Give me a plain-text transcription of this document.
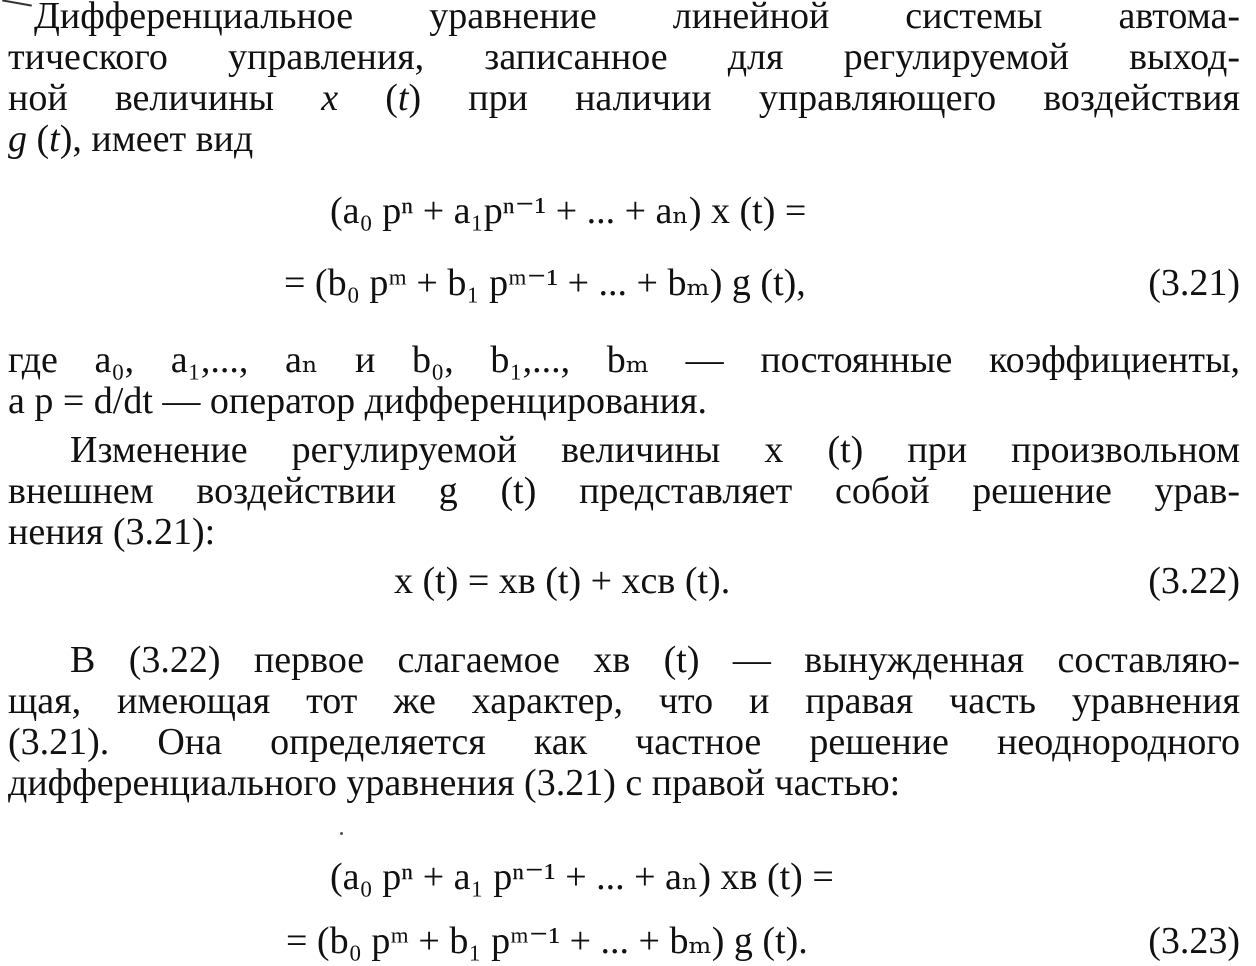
Дифференциальное уравнение линейной системы автома-
тического управления, записанное для регулируемой выход-
ной величины x (t) при наличии управляющего воздействия
g (t), имеет вид
(a₀ pⁿ + a₁pⁿ⁻¹ + ... + aₙ) x (t) =
= (b₀ pᵐ + b₁ pᵐ⁻¹ + ... + bₘ) g (t),	(3.21)
где a₀, a₁,..., aₙ и b₀, b₁,..., bₘ — постоянные коэффициенты,
а p = d/dt — оператор дифференцирования.
Изменение регулируемой величины x (t) при произвольном
внешнем воздействии g (t) представляет собой решение урав-
нения (3.21):
x (t) = xв (t) + xсв (t).	(3.22)
В (3.22) первое слагаемое xв (t) — вынужденная составляю-
щая, имеющая тот же характер, что и правая часть уравнения
(3.21). Она определяется как частное решение неоднородного
дифференциального уравнения (3.21) с правой частью:
(a₀ pⁿ + a₁ pⁿ⁻¹ + ... + aₙ) xв (t) =
= (b₀ pᵐ + b₁ pᵐ⁻¹ + ... + bₘ) g (t).	(3.23)
